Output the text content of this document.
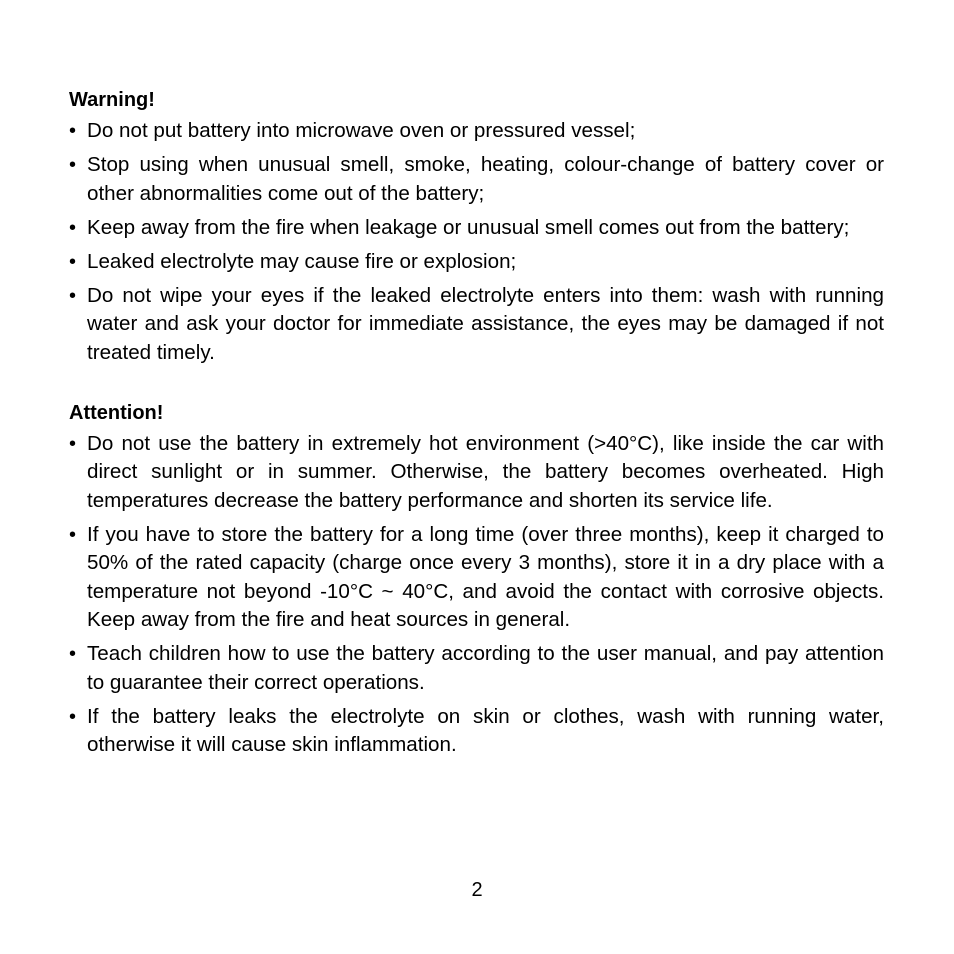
Warning!
• Do not put battery into microwave oven or pressured vessel;
• Stop using when unusual smell, smoke, heating, colour-change of battery cover or other abnormalities come out of the battery;
• Keep away from the fire when leakage or unusual smell comes out from the battery;
• Leaked electrolyte may cause fire or explosion;
• Do not wipe your eyes if the leaked electrolyte enters into them: wash with running water and ask your doctor for immediate assistance, the eyes may be damaged if not treated timely.
Attention!
• Do not use the battery in extremely hot environment (>40°C), like inside the car with direct sunlight or in summer. Otherwise, the battery becomes overheated. High temperatures decrease the battery performance and shorten its service life.
• If you have to store the battery for a long time (over three months), keep it charged to 50% of the rated capacity (charge once every 3 months), store it in a dry place with a temperature not beyond -10°C ~ 40°C, and avoid the contact with corrosive objects. Keep away from the fire and heat sources in general.
• Teach children how to use the battery according to the user manual, and pay attention to guarantee their correct operations.
• If the battery leaks the electrolyte on skin or clothes, wash with running water, otherwise it will cause skin inflammation.
2
